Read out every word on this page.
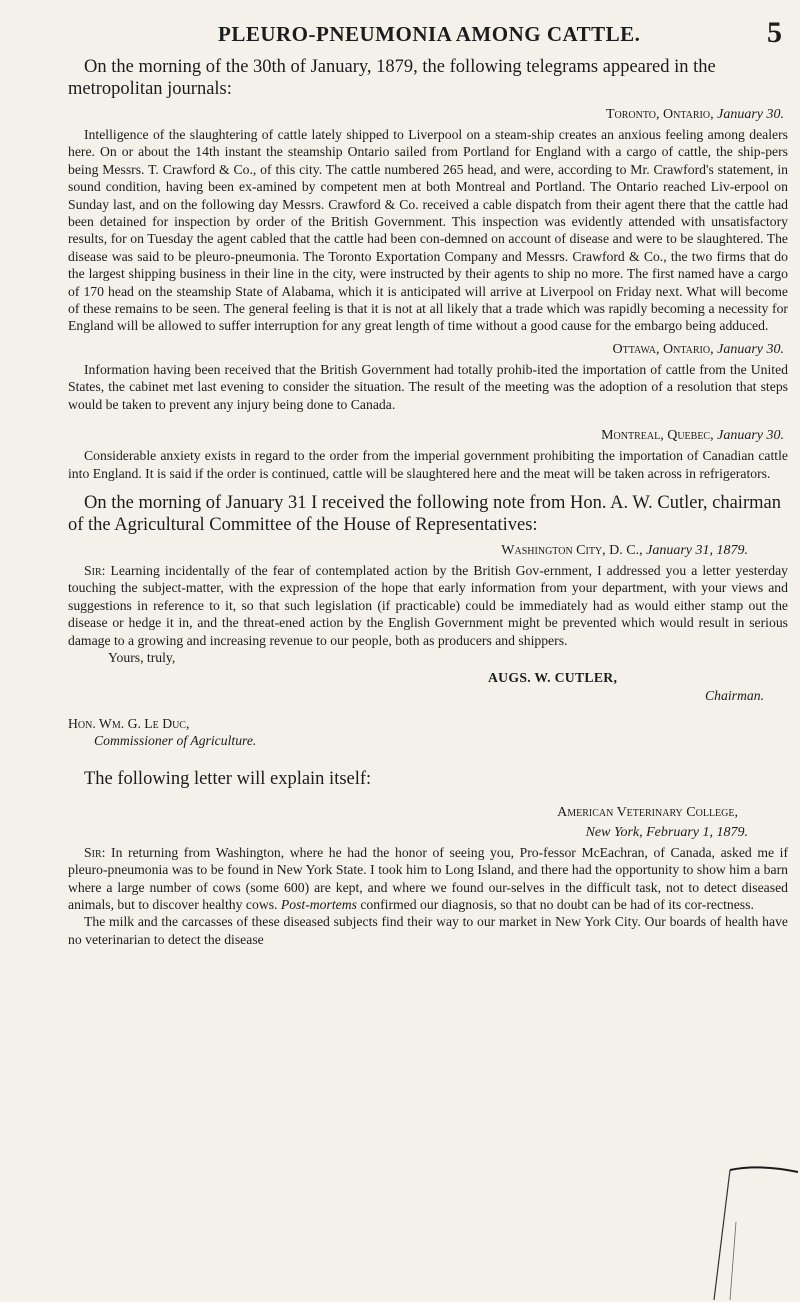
PLEURO-PNEUMONIA AMONG CATTLE.	5

On the morning of the 30th of January, 1879, the following telegrams appeared in the metropolitan journals:

Toronto, Ontario, January 30.

Intelligence of the slaughtering of cattle lately shipped to Liverpool on a steam-ship creates an anxious feeling among dealers here. On or about the 14th instant the steamship Ontario sailed from Portland for England with a cargo of cattle, the ship-pers being Messrs. T. Crawford & Co., of this city. The cattle numbered 265 head, and were, according to Mr. Crawford's statement, in sound condition, having been ex-amined by competent men at both Montreal and Portland. The Ontario reached Liv-erpool on Sunday last, and on the following day Messrs. Crawford & Co. received a cable dispatch from their agent there that the cattle had been detained for inspection by order of the British Government. This inspection was evidently attended with unsatisfactory results, for on Tuesday the agent cabled that the cattle had been con-demned on account of disease and were to be slaughtered. The disease was said to be pleuro-pneumonia. The Toronto Exportation Company and Messrs. Crawford & Co., the two firms that do the largest shipping business in their line in the city, were instructed by their agents to ship no more. The first named have a cargo of 170 head on the steamship State of Alabama, which it is anticipated will arrive at Liverpool on Friday next. What will become of these remains to be seen. The general feeling is that it is not at all likely that a trade which was rapidly becoming a necessity for England will be allowed to suffer interruption for any great length of time without a good cause for the embargo being adduced.

Ottawa, Ontario, January 30.

Information having been received that the British Government had totally prohib-ited the importation of cattle from the United States, the cabinet met last evening to consider the situation. The result of the meeting was the adoption of a resolution that steps would be taken to prevent any injury being done to Canada.

Montreal, Quebec, January 30.

Considerable anxiety exists in regard to the order from the imperial government prohibiting the importation of Canadian cattle into England. It is said if the order is continued, cattle will be slaughtered here and the meat will be taken across in refrigerators.

On the morning of January 31 I received the following note from Hon. A. W. Cutler, chairman of the Agricultural Committee of the House of Representatives:

Washington City, D. C., January 31, 1879.

Sir: Learning incidentally of the fear of contemplated action by the British Gov-ernment, I addressed you a letter yesterday touching the subject-matter, with the expression of the hope that early information from your department, with your views and suggestions in reference to it, so that such legislation (if practicable) could be immediately had as would either stamp out the disease or hedge it in, and the threat-ened action by the English Government might be prevented which would result in serious damage to a growing and increasing revenue to our people, both as producers and shippers.

Yours, truly,
AUGS. W. CUTLER,
Chairman.

Hon. Wm. G. Le Duc,

Commissioner of Agriculture.

The following letter will explain itself:

American Veterinary College,
New York, February 1, 1879.

Sir: In returning from Washington, where he had the honor of seeing you, Pro-fessor McEachran, of Canada, asked me if pleuro-pneumonia was to be found in New York State. I took him to Long Island, and there had the opportunity to show him a barn where a large number of cows (some 600) are kept, and where we found our-selves in the difficult task, not to detect diseased animals, but to discover healthy cows. Post-mortems confirmed our diagnosis, so that no doubt can be had of its cor-rectness.

The milk and the carcasses of these diseased subjects find their way to our market in New York City. Our boards of health have no veterinarian to detect the disease
